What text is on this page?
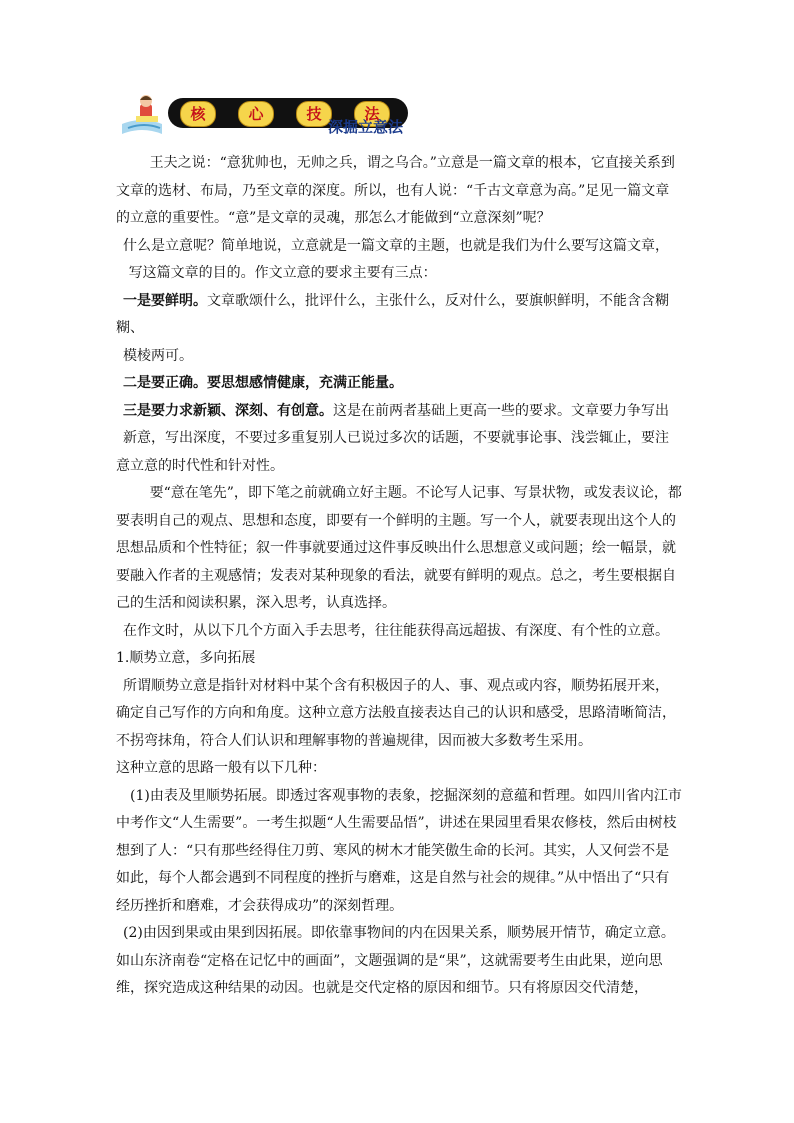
核	心	技	法
深掘立意法

王夫之说：“意犹帅也，无帅之兵，谓之乌合。”立意是一篇文章的根本，它直接关系到文章的选材、布局，乃至文章的深度。所以，也有人说：“千古文章意为高。”足见一篇文章的立意的重要性。“意”是文章的灵魂，那怎么才能做到“立意深刻”呢？

什么是立意呢？简单地说，立意就是一篇文章的主题，也就是我们为什么要写这篇文章，

写这篇文章的目的。作文立意的要求主要有三点：

一是要鲜明。文章歌颂什么，批评什么，主张什么，反对什么，要旗帜鲜明，不能含含糊糊、

模棱两可。

二是要正确。要思想感情健康，充满正能量。

三是要力求新颖、深刻、有创意。这是在前两者基础上更高一些的要求。文章要力争写出

新意，写出深度，不要过多重复别人已说过多次的话题，不要就事论事、浅尝辄止，要注意立意的时代性和针对性。

要“意在笔先”，即下笔之前就确立好主题。不论写人记事、写景状物，或发表议论，都要表明自己的观点、思想和态度，即要有一个鲜明的主题。写一个人，就要表现出这个人的思想品质和个性特征；叙一件事就要通过这件事反映出什么思想意义或问题；绘一幅景，就要融入作者的主观感情；发表对某种现象的看法，就要有鲜明的观点。总之，考生要根据自己的生活和阅读积累，深入思考，认真选择。

在作文时，从以下几个方面入手去思考，往往能获得高远超拔、有深度、有个性的立意。

1.顺势立意，多向拓展

所谓顺势立意是指针对材料中某个含有积极因子的人、事、观点或内容，顺势拓展开来，确定自己写作的方向和角度。这种立意方法般直接表达自己的认识和感受，思路清晰简洁，不拐弯抹角，符合人们认识和理解事物的普遍规律，因而被大多数考生采用。

这种立意的思路一般有以下几种：

(1)由表及里顺势拓展。即透过客观事物的表象，挖掘深刻的意蕴和哲理。如四川省内江市中考作文“人生需要”。一考生拟题“人生需要品悟”，讲述在果园里看果农修枝，然后由树枝想到了人：“只有那些经得住刀剪、寒风的树木才能笑傲生命的长河。其实，人又何尝不是如此，每个人都会遇到不同程度的挫折与磨难，这是自然与社会的规律。”从中悟出了“只有经历挫折和磨难，才会获得成功”的深刻哲理。

(2)由因到果或由果到因拓展。即依靠事物间的内在因果关系，顺势展开情节，确定立意。如山东济南卷“定格在记忆中的画面”，文题强调的是“果”，这就需要考生由此果，逆向思维，探究造成这种结果的动因。也就是交代定格的原因和细节。只有将原因交代清楚，
